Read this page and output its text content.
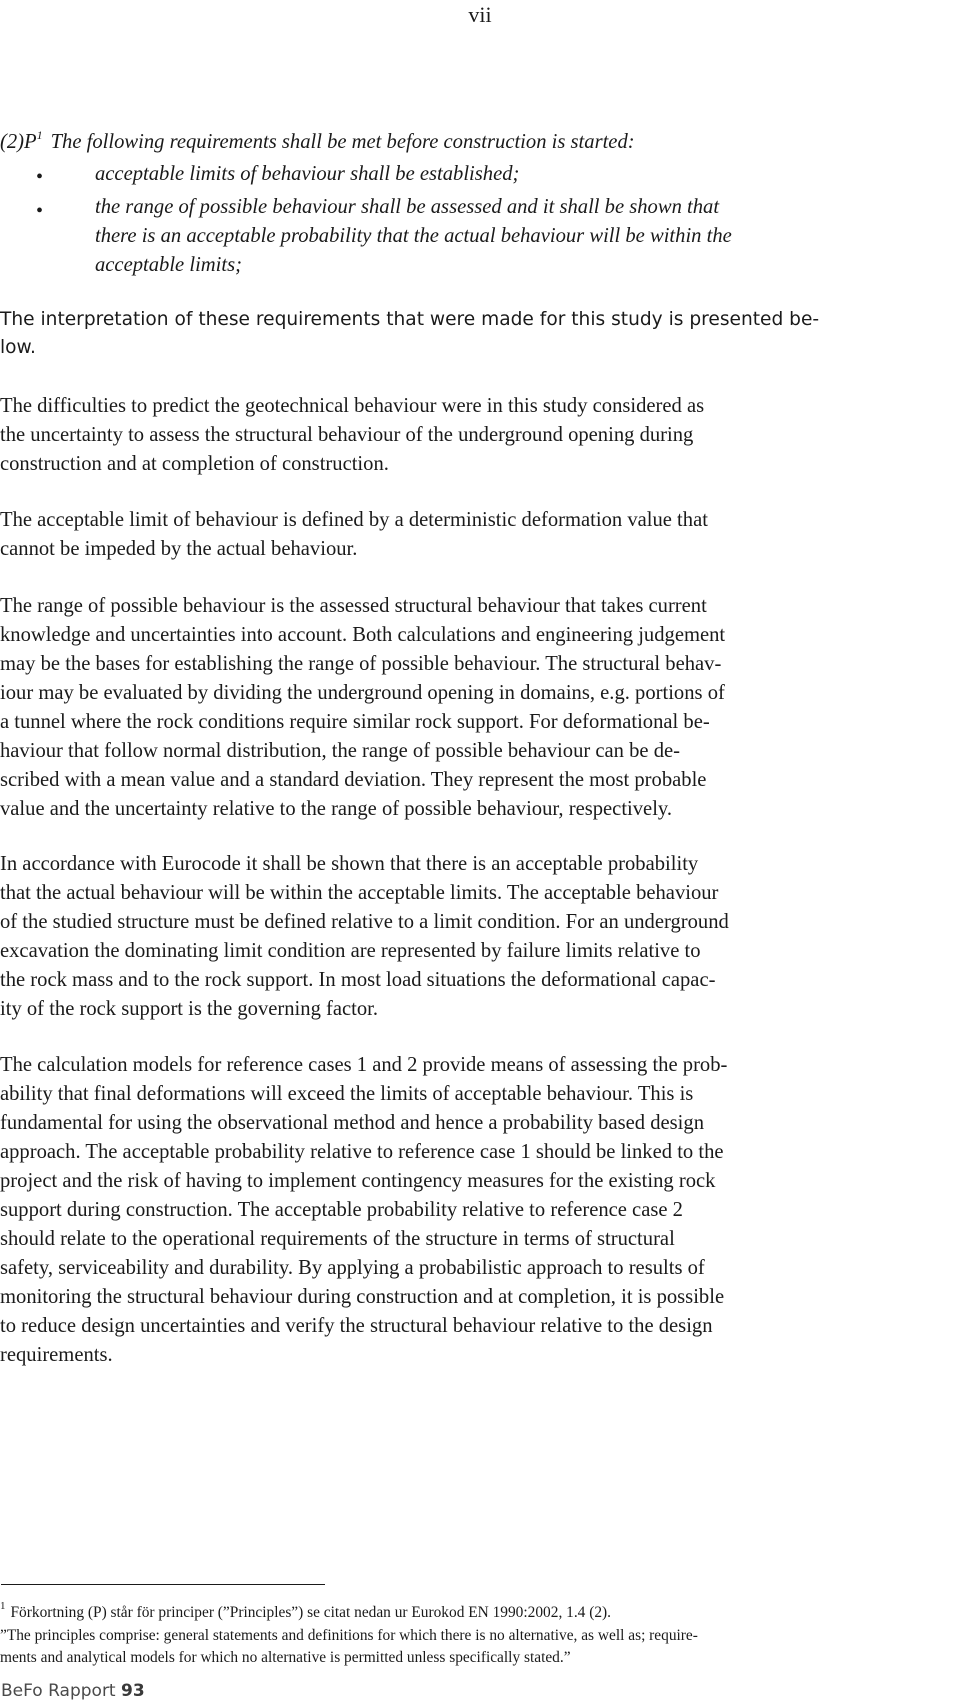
vii
$(2)P^1$ The following requirements shall be met before construction is started:
•	acceptable limits of behaviour shall be established;
•	the range of possible behaviour shall be assessed and it shall be shown that
there is an acceptable probability that the actual behaviour will be within the
acceptable limits;
The interpretation of these requirements that were made for this study is presented be-
low.
The difficulties to predict the geotechnical behaviour were in this study considered as
the uncertainty to assess the structural behaviour of the underground opening during
construction and at completion of construction.
The acceptable limit of behaviour is defined by a deterministic deformation value that
cannot be impeded by the actual behaviour.
The range of possible behaviour is the assessed structural behaviour that takes current
knowledge and uncertainties into account. Both calculations and engineering judgement
may be the bases for establishing the range of possible behaviour. The structural behav-
iour may be evaluated by dividing the underground opening in domains, e.g. portions of
a tunnel where the rock conditions require similar rock support. For deformational be-
haviour that follow normal distribution, the range of possible behaviour can be de-
scribed with a mean value and a standard deviation. They represent the most probable
value and the uncertainty relative to the range of possible behaviour, respectively.
In accordance with Eurocode it shall be shown that there is an acceptable probability
that the actual behaviour will be within the acceptable limits. The acceptable behaviour
of the studied structure must be defined relative to a limit condition. For an underground
excavation the dominating limit condition are represented by failure limits relative to
the rock mass and to the rock support. In most load situations the deformational capac-
ity of the rock support is the governing factor.
The calculation models for reference cases 1 and 2 provide means of assessing the prob-
ability that final deformations will exceed the limits of acceptable behaviour. This is
fundamental for using the observational method and hence a probability based design
approach. The acceptable probability relative to reference case 1 should be linked to the
project and the risk of having to implement contingency measures for the existing rock
support during construction. The acceptable probability relative to reference case 2
should relate to the operational requirements of the structure in terms of structural
safety, serviceability and durability. By applying a probabilistic approach to results of
monitoring the structural behaviour during construction and at completion, it is possible
to reduce design uncertainties and verify the structural behaviour relative to the design
requirements.
$^1$ Förkortning (P) står för principer (”Principles”) se citat nedan ur Eurokod EN 1990:2002, 1.4 (2).
”The principles comprise: general statements and definitions for which there is no alternative, as well as; require-
ments and analytical models for which no alternative is permitted unless specifically stated.”
BeFo Rapport 93
